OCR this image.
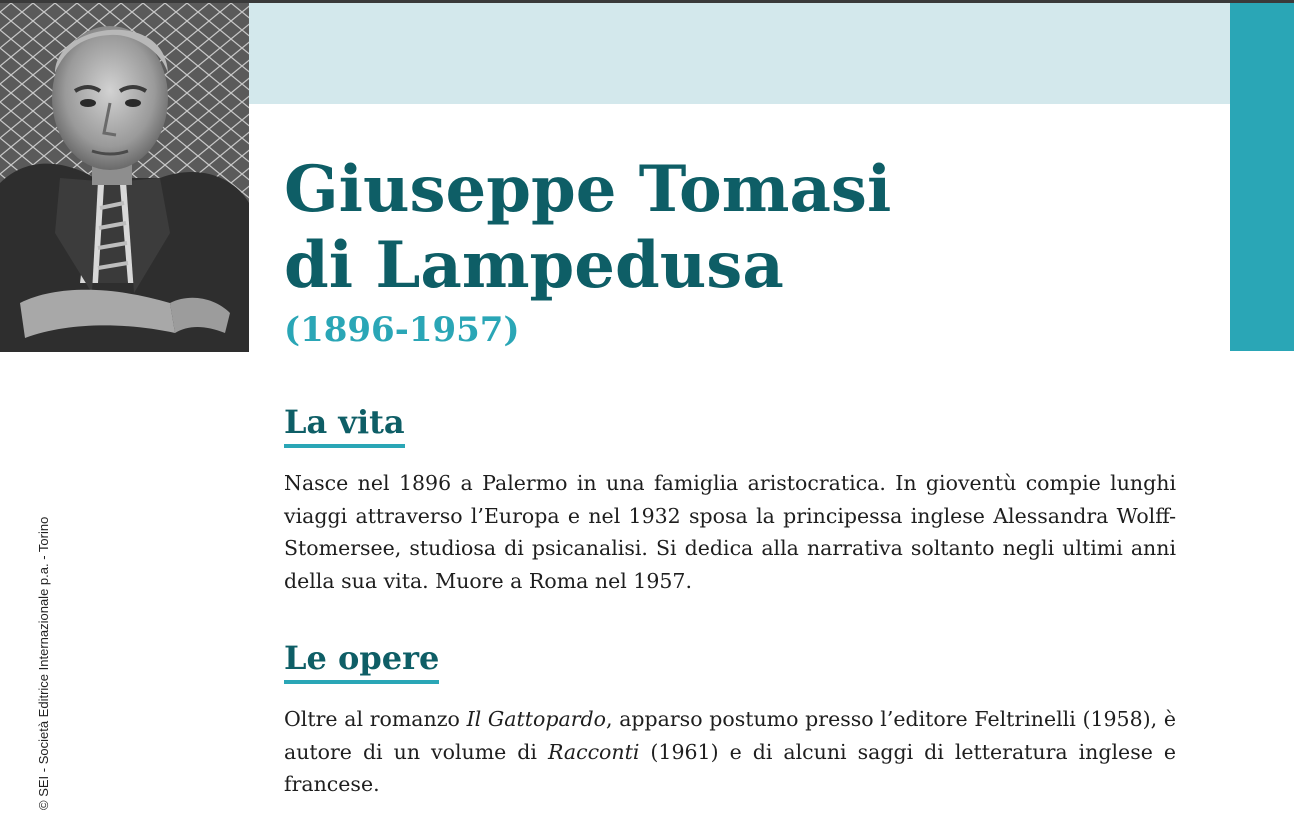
Giuseppe Tomasi
di Lampedusa
(1896-1957)
La vita

Nasce nel 1896 a Palermo in una famiglia aristocratica. In gioventù compie lunghi viaggi attraverso l’Europa e nel 1932 sposa la principessa inglese Alessandra Wolff-Stomersee, studiosa di psicanalisi. Si dedica alla narrativa soltanto negli ultimi anni della sua vita. Muore a Roma nel 1957.

Le opere

Oltre al romanzo Il Gattopardo, apparso postumo presso l’editore Feltrinelli (1958), è autore di un volume di Racconti (1961) e di alcuni saggi di letteratura inglese e francese.

© SEI - Società Editrice Internazionale p.a. - Torino
